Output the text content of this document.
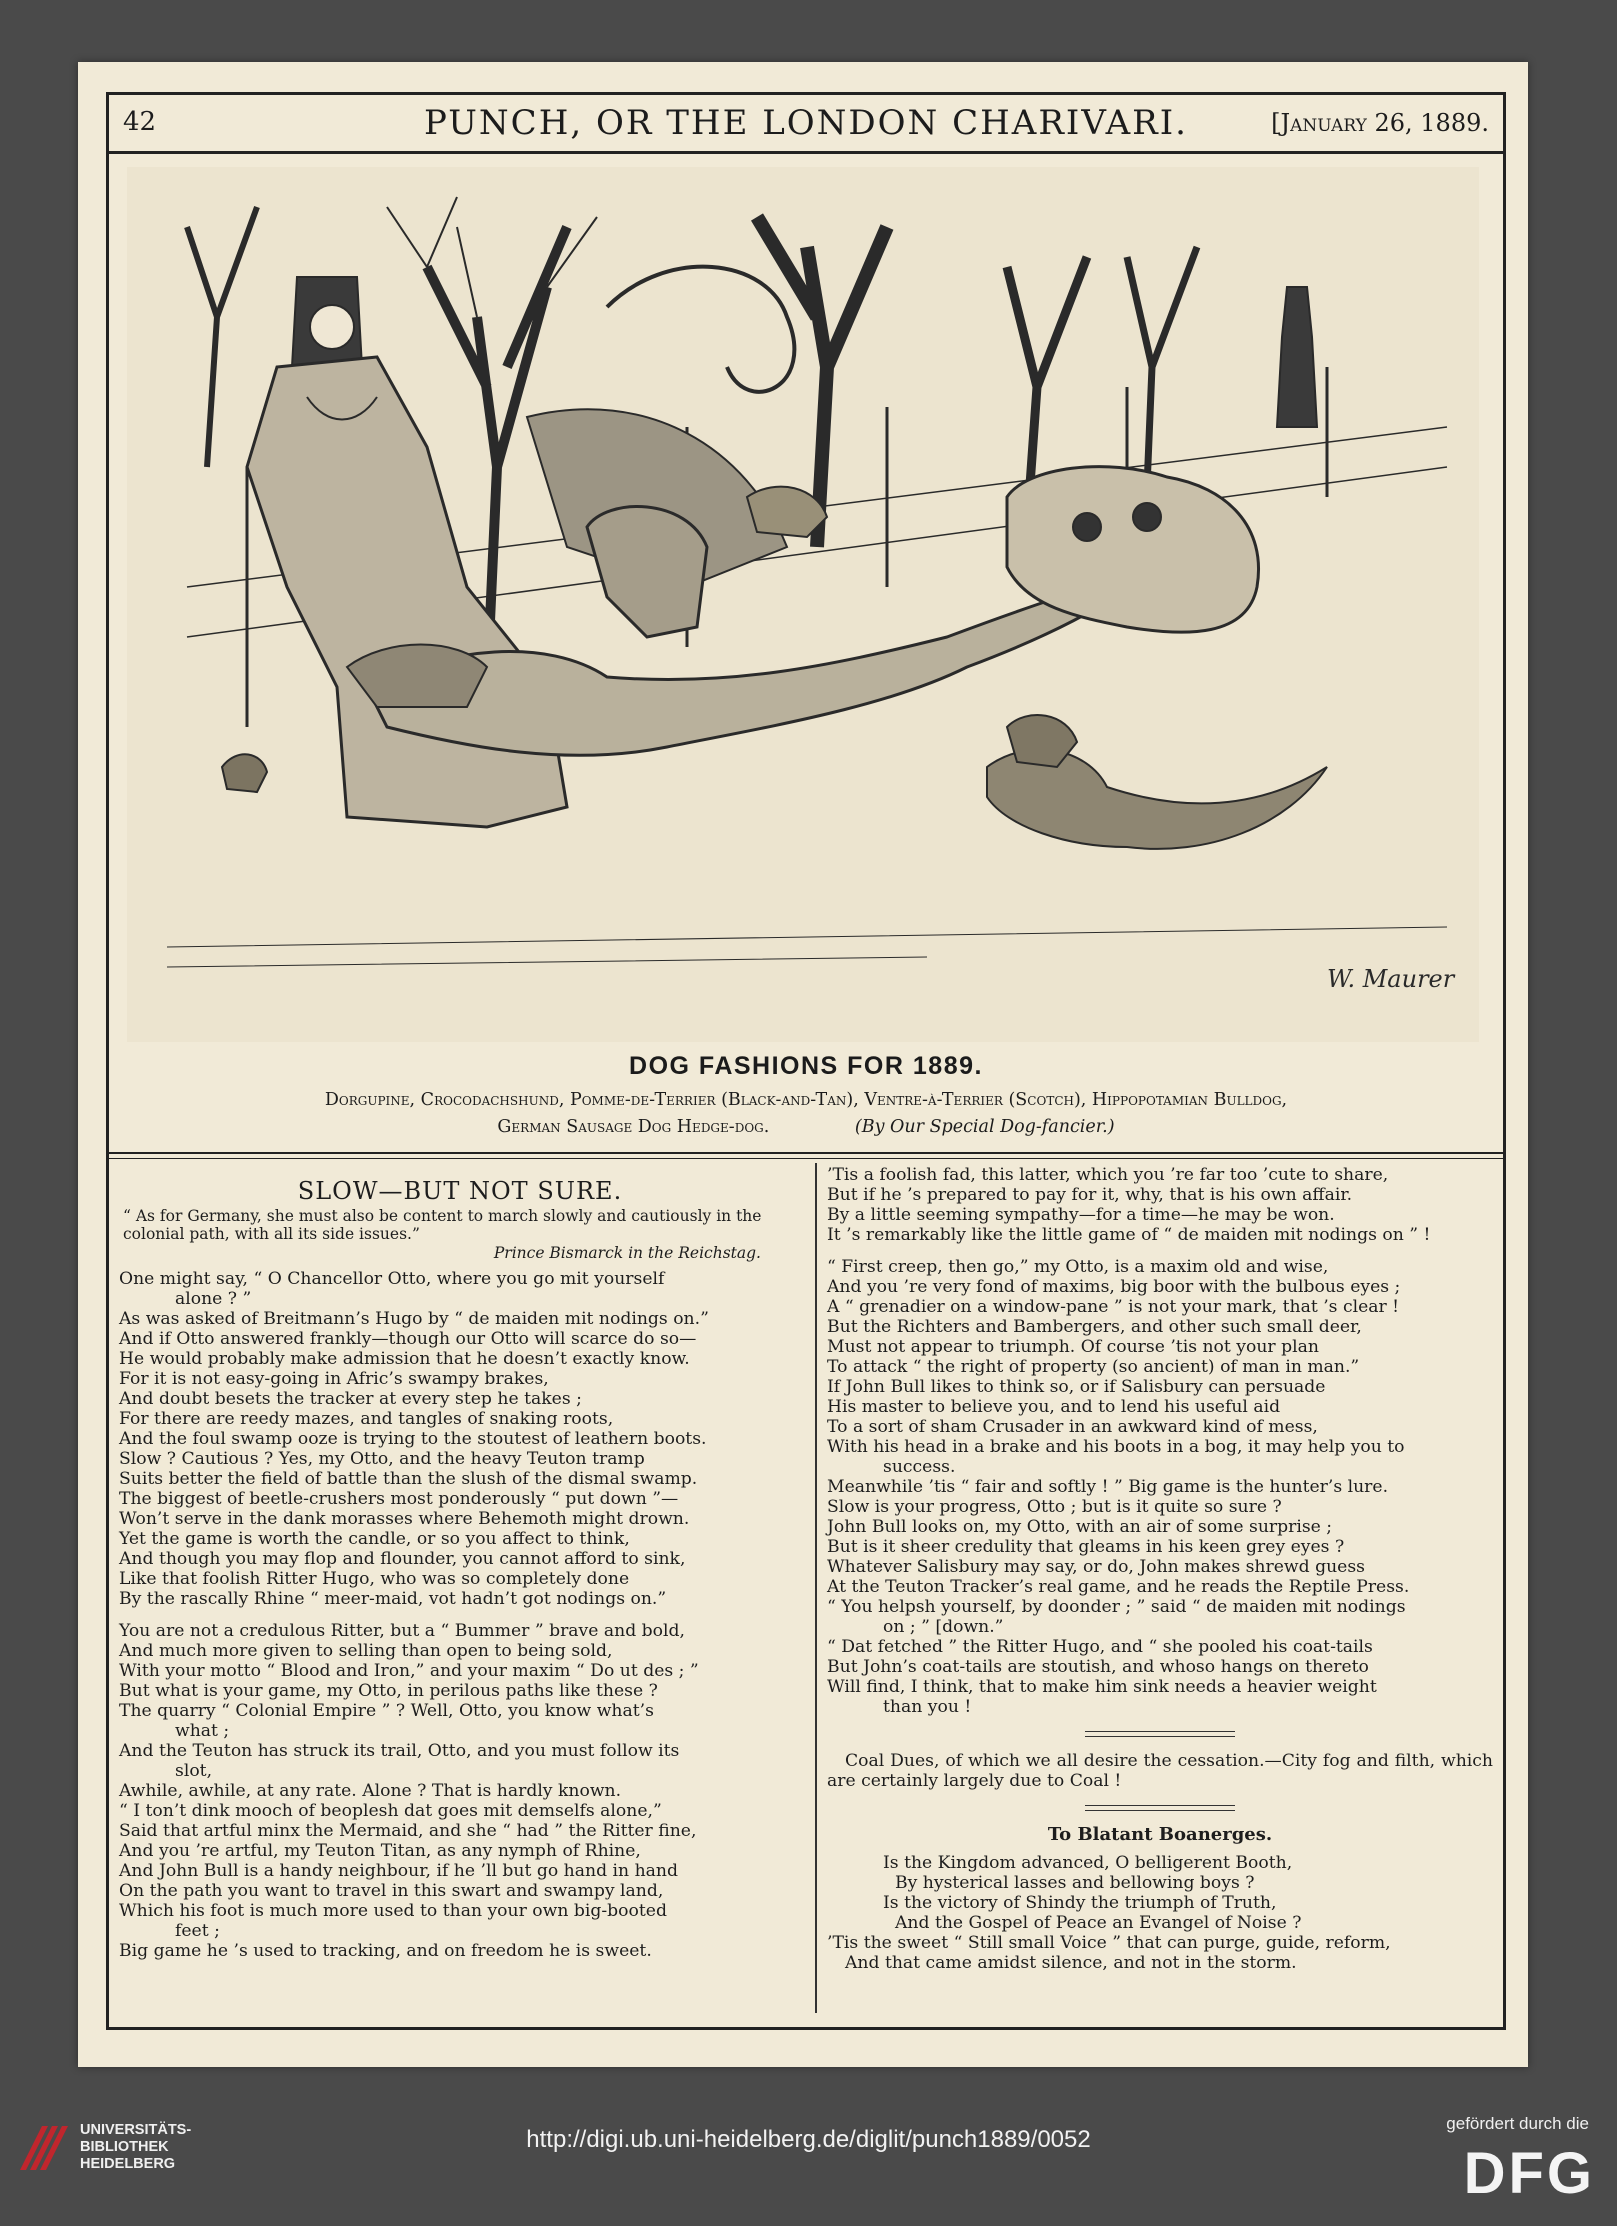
42	PUNCH, OR THE LONDON CHARIVARI.	[January 26, 1889.
W. Maurer
DOG FASHIONS FOR 1889.
Dorgupine, Crocodachshund, Pomme-de-Terrier (Black-and-Tan), Ventre-à-Terrier (Scotch), Hippopotamian Bulldog,
German Sausage Dog Hedge-dog.	(By Our Special Dog-fancier.)
SLOW—BUT NOT SURE.
“ As for Germany, she must also be content to march slowly and cautiously in the colonial path, with all its side issues.”
Prince Bismarck in the Reichstag.
One might say, “ O Chancellor Otto, where you go mit yourself
alone ? ”
As was asked of Breitmann’s Hugo by “ de maiden mit nodings on.”
And if Otto answered frankly—though our Otto will scarce do so—
He would probably make admission that he doesn’t exactly know.
For it is not easy-going in Afric’s swampy brakes,
And doubt besets the tracker at every step he takes ;
For there are reedy mazes, and tangles of snaking roots,
And the foul swamp ooze is trying to the stoutest of leathern boots.
Slow ? Cautious ? Yes, my Otto, and the heavy Teuton tramp
Suits better the field of battle than the slush of the dismal swamp.
The biggest of beetle-crushers most ponderously “ put down ”—
Won’t serve in the dank morasses where Behemoth might drown.
Yet the game is worth the candle, or so you affect to think,
And though you may flop and flounder, you cannot afford to sink,
Like that foolish Ritter Hugo, who was so completely done
By the rascally Rhine “ meer-maid, vot hadn’t got nodings on.”
You are not a credulous Ritter, but a “ Bummer ” brave and bold,
And much more given to selling than open to being sold,
With your motto “ Blood and Iron,” and your maxim “ Do ut des ; ”
But what is your game, my Otto, in perilous paths like these ?
The quarry “ Colonial Empire ” ? Well, Otto, you know what’s
what ;
And the Teuton has struck its trail, Otto, and you must follow its
slot,
Awhile, awhile, at any rate. Alone ? That is hardly known.
“ I ton’t dink mooch of beoplesh dat goes mit demselfs alone,”
Said that artful minx the Mermaid, and she “ had ” the Ritter fine,
And you ’re artful, my Teuton Titan, as any nymph of Rhine,
And John Bull is a handy neighbour, if he ’ll but go hand in hand
On the path you want to travel in this swart and swampy land,
Which his foot is much more used to than your own big-booted
feet ;
Big game he ’s used to tracking, and on freedom he is sweet.
’Tis a foolish fad, this latter, which you ’re far too ’cute to share,
But if he ’s prepared to pay for it, why, that is his own affair.
By a little seeming sympathy—for a time—he may be won.
It ’s remarkably like the little game of “ de maiden mit nodings on ” !
“ First creep, then go,” my Otto, is a maxim old and wise,
And you ’re very fond of maxims, big boor with the bulbous eyes ;
A “ grenadier on a window-pane ” is not your mark, that ’s clear !
But the Richters and Bambergers, and other such small deer,
Must not appear to triumph. Of course ’tis not your plan
To attack “ the right of property (so ancient) of man in man.”
If John Bull likes to think so, or if Salisbury can persuade
His master to believe you, and to lend his useful aid
To a sort of sham Crusader in an awkward kind of mess,
With his head in a brake and his boots in a bog, it may help you to
success.
Meanwhile ’tis “ fair and softly ! ” Big game is the hunter’s lure.
Slow is your progress, Otto ; but is it quite so sure ?
John Bull looks on, my Otto, with an air of some surprise ;
But is it sheer credulity that gleams in his keen grey eyes ?
Whatever Salisbury may say, or do, John makes shrewd guess
At the Teuton Tracker’s real game, and he reads the Reptile Press.
“ You helpsh yourself, by doonder ; ” said “ de maiden mit nodings
on ; ” [down.”
“ Dat fetched ” the Ritter Hugo, and “ she pooled his coat-tails
But John’s coat-tails are stoutish, and whoso hangs on thereto
Will find, I think, that to make him sink needs a heavier weight
than you !
Coal Dues, of which we all desire the cessation.—City fog and filth, which are certainly largely due to Coal !
To Blatant Boanerges.
Is the Kingdom advanced, O belligerent Booth,
By hysterical lasses and bellowing boys ?
Is the victory of Shindy the triumph of Truth,
And the Gospel of Peace an Evangel of Noise ?
’Tis the sweet “ Still small Voice ” that can purge, guide, reform,
And that came amidst silence, and not in the storm.
UNIVERSITÄTS-
BIBLIOTHEK
HEIDELBERG
http://digi.ub.uni-heidelberg.de/diglit/punch1889/0052
gefördert durch die
DFG
